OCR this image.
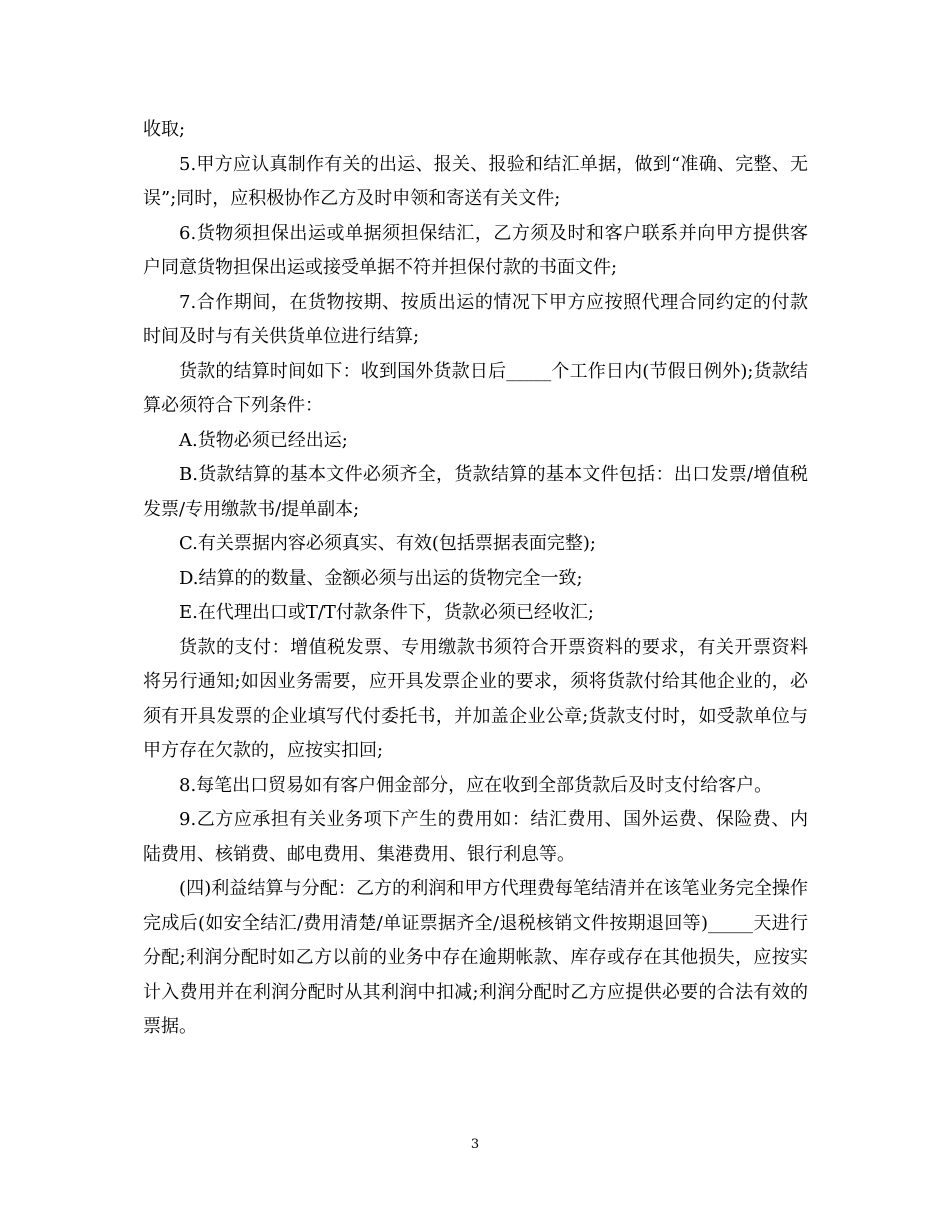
收取;

5.甲方应认真制作有关的出运、报关、报验和结汇单据，做到“准确、完整、无误”;同时，应积极协作乙方及时申领和寄送有关文件;

6.货物须担保出运或单据须担保结汇，乙方须及时和客户联系并向甲方提供客户同意货物担保出运或接受单据不符并担保付款的书面文件;

7.合作期间，在货物按期、按质出运的情况下甲方应按照代理合同约定的付款时间及时与有关供货单位进行结算;

货款的结算时间如下：收到国外货款日后_____个工作日内(节假日例外);货款结算必须符合下列条件：

A.货物必须已经出运;

B.货款结算的基本文件必须齐全，货款结算的基本文件包括：出口发票/增值税发票/专用缴款书/提单副本;

C.有关票据内容必须真实、有效(包括票据表面完整);

D.结算的的数量、金额必须与出运的货物完全一致;

E.在代理出口或T/T付款条件下，货款必须已经收汇;

货款的支付：增值税发票、专用缴款书须符合开票资料的要求，有关开票资料将另行通知;如因业务需要，应开具发票企业的要求，须将货款付给其他企业的，必须有开具发票的企业填写代付委托书，并加盖企业公章;货款支付时，如受款单位与甲方存在欠款的，应按实扣回;

8.每笔出口贸易如有客户佣金部分，应在收到全部货款后及时支付给客户。

9.乙方应承担有关业务项下产生的费用如：结汇费用、国外运费、保险费、内陆费用、核销费、邮电费用、集港费用、银行利息等。

(四)利益结算与分配：乙方的利润和甲方代理费每笔结清并在该笔业务完全操作完成后(如安全结汇/费用清楚/单证票据齐全/退税核销文件按期退回等)_____天进行分配;利润分配时如乙方以前的业务中存在逾期帐款、库存或存在其他损失，应按实计入费用并在利润分配时从其利润中扣减;利润分配时乙方应提供必要的合法有效的票据。

3
